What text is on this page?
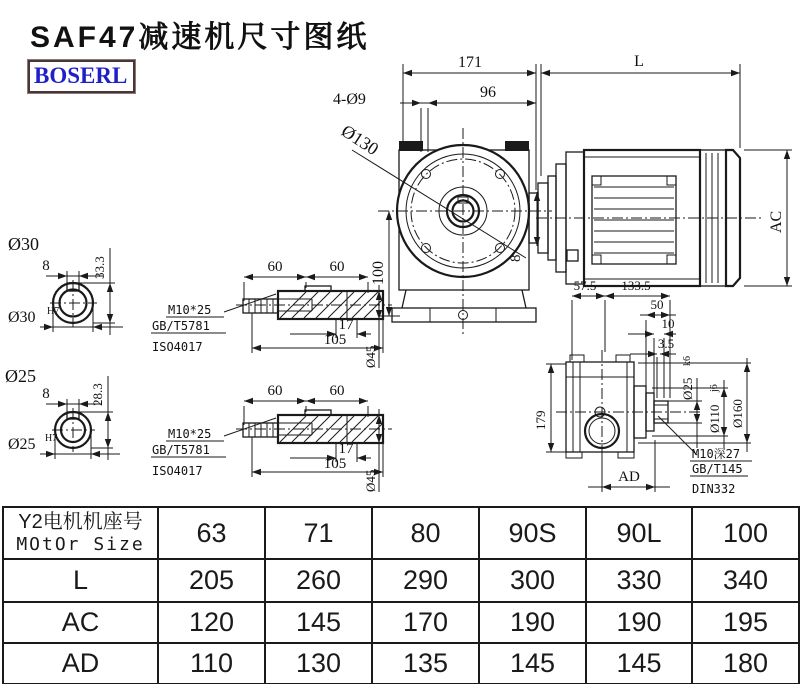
SAF47减速机尺寸图纸
BOSERL
171	L
96
4-Ø9
Ø130
100
AC
8
Ø30
8	33.3
Ø30 H7
Ø25
8	28.3
Ø25 H7
60	60
17
105
Ø45
M10*25
GB/T5781
ISO4017
60	60
17
105
Ø45
M10*25
GB/T5781
ISO4017
57.5 133.5
50
10
3.5
Ø25
k6
Ø110
j6
Ø160
179
AD
M10深27
GB/T145
DIN332
Y2电机机座号
MOtOr Size	63	71	80	90S	90L	100
L	205	260	290	300	330	340
AC	120	145	170	190	190	195
AD	110	130	135	145	145	180
